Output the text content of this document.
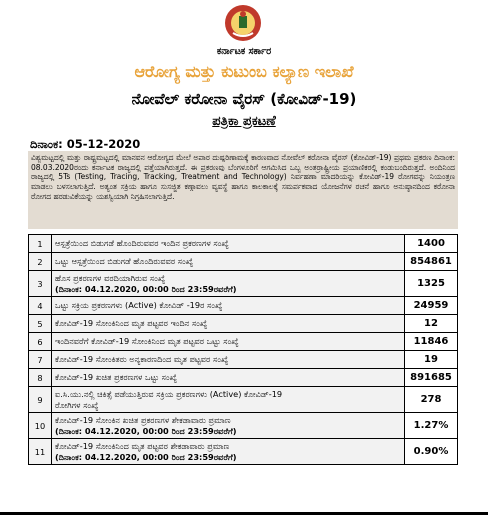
ಕರ್ನಾಟಕ ಸರ್ಕಾರ
ಆರೋಗ್ಯ ಮತ್ತು ಕುಟುಂಬ ಕಲ್ಯಾಣ ಇಲಾಖೆ
ನೋವೆಲ್ ಕರೋನಾ ವೈರಸ್ (ಕೋವಿಡ್-19)
ಪತ್ರಿಕಾ ಪ್ರಕಟಣೆ
ದಿನಾಂಕ: 05-12-2020
ವಿಶ್ವಮಟ್ಟದಲ್ಲಿ ಮತ್ತು ರಾಷ್ಟ್ರಮಟ್ಟದಲ್ಲಿ ಮಾನವನ ಆರೋಗ್ಯದ ಮೇಲೆ ಅಪಾರ ದುಷ್ಪರಿಣಾಮಕ್ಕೆ ಕಾರಣವಾದ ನೋವೆಲ್ ಕರೋನಾ ವೈರಸ್ (ಕೋವಿಡ್-19) ಪ್ರಥಮ ಪ್ರಕರಣ ದಿನಾಂಕ: 08.03.2020ರಂದು ಕರ್ನಾಟಕ ರಾಜ್ಯದಲ್ಲಿ ಪತ್ತೆಯಾಗಿರುತ್ತದೆ. ಈ ಪ್ರಕರಣವು ಬೆಂಗಳೂರಿಗೆ ಆಗಮಿಸಿದ ಒಬ್ಬ ಅಂತರ್ರಾಷ್ಟ್ರೀಯ ಪ್ರಯಾಣಿಕರಲ್ಲಿ ಕಂಡುಬಂದಿರುತ್ತದೆ. ಅಂದಿನಿಂದ ರಾಜ್ಯದಲ್ಲಿ 5Ts (Testing, Tracing, Tracking, Treatment and Technology) ನಿರ್ವಹಣಾ ಮಾದರಿಯನ್ನು ಕೋವಿಡ್-19 ರೋಗವನ್ನು ನಿಯಂತ್ರಣ ಮಾಡಲು ಬಳಸಲಾಗುತ್ತಿದೆ. ಅತ್ಯಂತ ಸಕ್ರಿಯ ಹಾಗೂ ಸುಸಜ್ಜಿತ ಕಣ್ಗಾವಲು ವ್ಯವಸ್ಥೆ ಹಾಗೂ ಕಾಲಕಾಲಕ್ಕೆ ಸಮರ್ಪಕವಾದ ಯೋಜನೆಗಳ ರಚನೆ ಹಾಗೂ ಅನುಷ್ಠಾನದಿಂದ ಕರೋನಾ ರೋಗದ ಹರಡುವಿಕೆಯನ್ನು ಯಶಸ್ವಿಯಾಗಿ ನಿಗ್ರಹಿಸಲಾಗುತ್ತಿದೆ.
1	ಆಸ್ಪತ್ರೆಯಿಂದ ಬಿಡುಗಡೆ ಹೊಂದಿರುವವರ ಇಂದಿನ ಪ್ರಕರಣಗಳ ಸಂಖ್ಯೆ	1400
2	ಒಟ್ಟು ಆಸ್ಪತ್ರೆಯಿಂದ ಬಿಡುಗಡೆ ಹೊಂದಿರುವವರ ಸಂಖ್ಯೆ	854861
3	ಹೊಸ ಪ್ರಕರಣಗಳ ವರದಿಯಾಗಿರುವ ಸಂಖ್ಯೆ
(ದಿನಾಂಕ: 04.12.2020, 00:00 ರಿಂದ 23:59ರವರೆಗೆ)	1325
4	ಒಟ್ಟು ಸಕ್ರಿಯ ಪ್ರಕರಣಗಳು (Active) ಕೋವಿಡ್ -19ರ ಸಂಖ್ಯೆ	24959
5	ಕೋವಿಡ್-19 ಸೋಂಕಿನಿಂದ ಮೃತ ಪಟ್ಟವರ ಇಂದಿನ ಸಂಖ್ಯೆ	12
6	ಇಂದಿನವರೆಗೆ ಕೋವಿಡ್-19 ಸೋಂಕಿನಿಂದ ಮೃತ ಪಟ್ಟವರ ಒಟ್ಟು ಸಂಖ್ಯೆ	11846
7	ಕೋವಿಡ್-19 ಸೋಂಕಿತರು ಅನ್ಯಕಾರಣದಿಂದ ಮೃತ ಪಟ್ಟವರ ಸಂಖ್ಯೆ	19
8	ಕೋವಿಡ್-19 ಖಚಿತ ಪ್ರಕರಣಗಳ ಒಟ್ಟು ಸಂಖ್ಯೆ	891685
9	ಐ.ಸಿ.ಯು.ನಲ್ಲಿ ಚಿಕಿತ್ಸೆ ಪಡೆಯುತ್ತಿರುವ ಸಕ್ರಿಯ ಪ್ರಕರಣಗಳು (Active) ಕೋವಿಡ್-19
ರೋಗಿಗಳ ಸಂಖ್ಯೆ	278
10	ಕೋವಿಡ್-19 ಸೋಂಕಿನ ಖಚಿತ ಪ್ರಕರಣಗಳ ಶೇಕಡಾವಾರು ಪ್ರಮಾಣ
(ದಿನಾಂಕ: 04.12.2020, 00:00 ರಿಂದ 23:59ರವರೆಗೆ)	1.27%
11	ಕೋವಿಡ್-19 ಸೋಂಕಿನಿಂದ ಮೃತ ಪಟ್ಟವರ ಶೇಕಡಾವಾರು ಪ್ರಮಾಣ
(ದಿನಾಂಕ: 04.12.2020, 00:00 ರಿಂದ 23:59ರವರೆಗೆ)	0.90%
